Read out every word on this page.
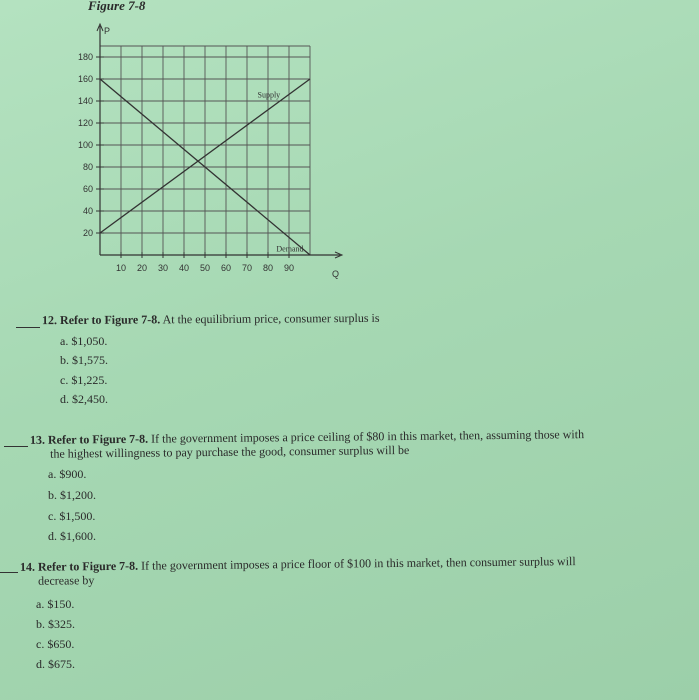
Figure 7-8
20
40
60
80
100
120
140
160
180
10 20 30 40 50 60 70 80 90
P
Q
Supply
Demand
12. Refer to Figure 7-8. At the equilibrium price, consumer surplus is
a. $1,050.
b. $1,575.
c. $1,225.
d. $2,450.
13. Refer to Figure 7-8. If the government imposes a price ceiling of $80 in this market, then, assuming those with
the highest willingness to pay purchase the good, consumer surplus will be
a. $900.
b. $1,200.
c. $1,500.
d. $1,600.
14. Refer to Figure 7-8. If the government imposes a price floor of $100 in this market, then consumer surplus will
decrease by
a. $150.
b. $325.
c. $650.
d. $675.
